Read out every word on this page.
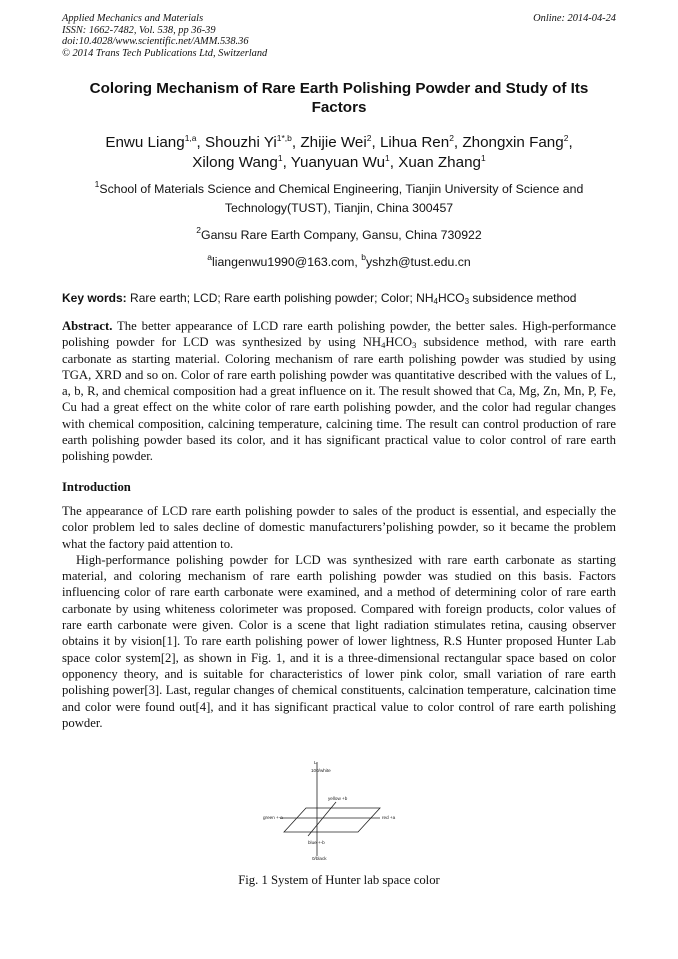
Applied Mechanics and Materials	Online: 2014-04-24
ISSN: 1662-7482, Vol. 538, pp 36-39
doi:10.4028/www.scientific.net/AMM.538.36
© 2014 Trans Tech Publications Ltd, Switzerland
Coloring Mechanism of Rare Earth Polishing Powder and Study of Its
Factors
Enwu Liang$^{1,a}$, Shouzhi $Yi^{1*,b}$, Zhijie Wei$^2$, Lihua Ren$^2$, Zhongxin Fang$^2$,
Xilong Wang$^1$, Yuanyuan Wu$^1$, Xuan Zhang$^1$
$^1$School of Materials Science and Chemical Engineering, Tianjin University of Science and
Technology(TUST), Tianjin, China 300457
$^2$Gansu Rare Earth Company, Gansu, China 730922
$^a$liangenwu1990@163.com, $^b$yshzh@tust.edu.cn
Key words: Rare earth; LCD; Rare earth polishing powder; Color; $NH_4HCO_3$ subsidence method

Abstract. The better appearance of LCD rare earth polishing powder, the better sales. High-performance polishing powder for LCD was synthesized by using $NH_4HCO_3$ subsidence method, with rare earth carbonate as starting material. Coloring mechanism of rare earth polishing powder was studied by using TGA, XRD and so on. Color of rare earth polishing powder was quantitative described with the values of L, a, b, R, and chemical composition had a great influence on it. The result showed that Ca, Mg, Zn, Mn, P, Fe, Cu had a great effect on the white color of rare earth polishing powder, and the color had regular changes with chemical composition, calcining temperature, calcining time. The result can control production of rare earth polishing powder based its color, and it has significant practical value to color control of rare earth polishing powder.

Introduction

The appearance of LCD rare earth polishing powder to sales of the product is essential, and especially the color problem led to sales decline of domestic manufacturers’polishing powder, so it became the problem what the factory paid attention to.

High-performance polishing powder for LCD was synthesized with rare earth carbonate as starting material, and coloring mechanism of rare earth polishing powder was studied on this basis. Factors influencing color of rare earth carbonate were examined, and a method of determining color of rare earth carbonate by using whiteness colorimeter was proposed. Compared with foreign products, color values of rare earth carbonate were given. Color is a scene that light radiation stimulates retina, causing observer obtains it by vision[1]. To rare earth polishing power of lower lightness, R.S Hunter proposed Hunter Lab space color system[2], as shown in Fig. 1, and it is a three-dimensional rectangular space based on color opponency theory, and is suitable for characteristics of lower pink color, small variation of rare earth polishing power[3]. Last, regular changes of chemical constituents, calcination temperature, calcination time and color were found out[4], and it has significant practical value to color control of rare earth polishing powder.

L
100/white
yellow +b
green +-a	red +a
blue +-b
0/black
Fig. 1 System of Hunter lab space color
